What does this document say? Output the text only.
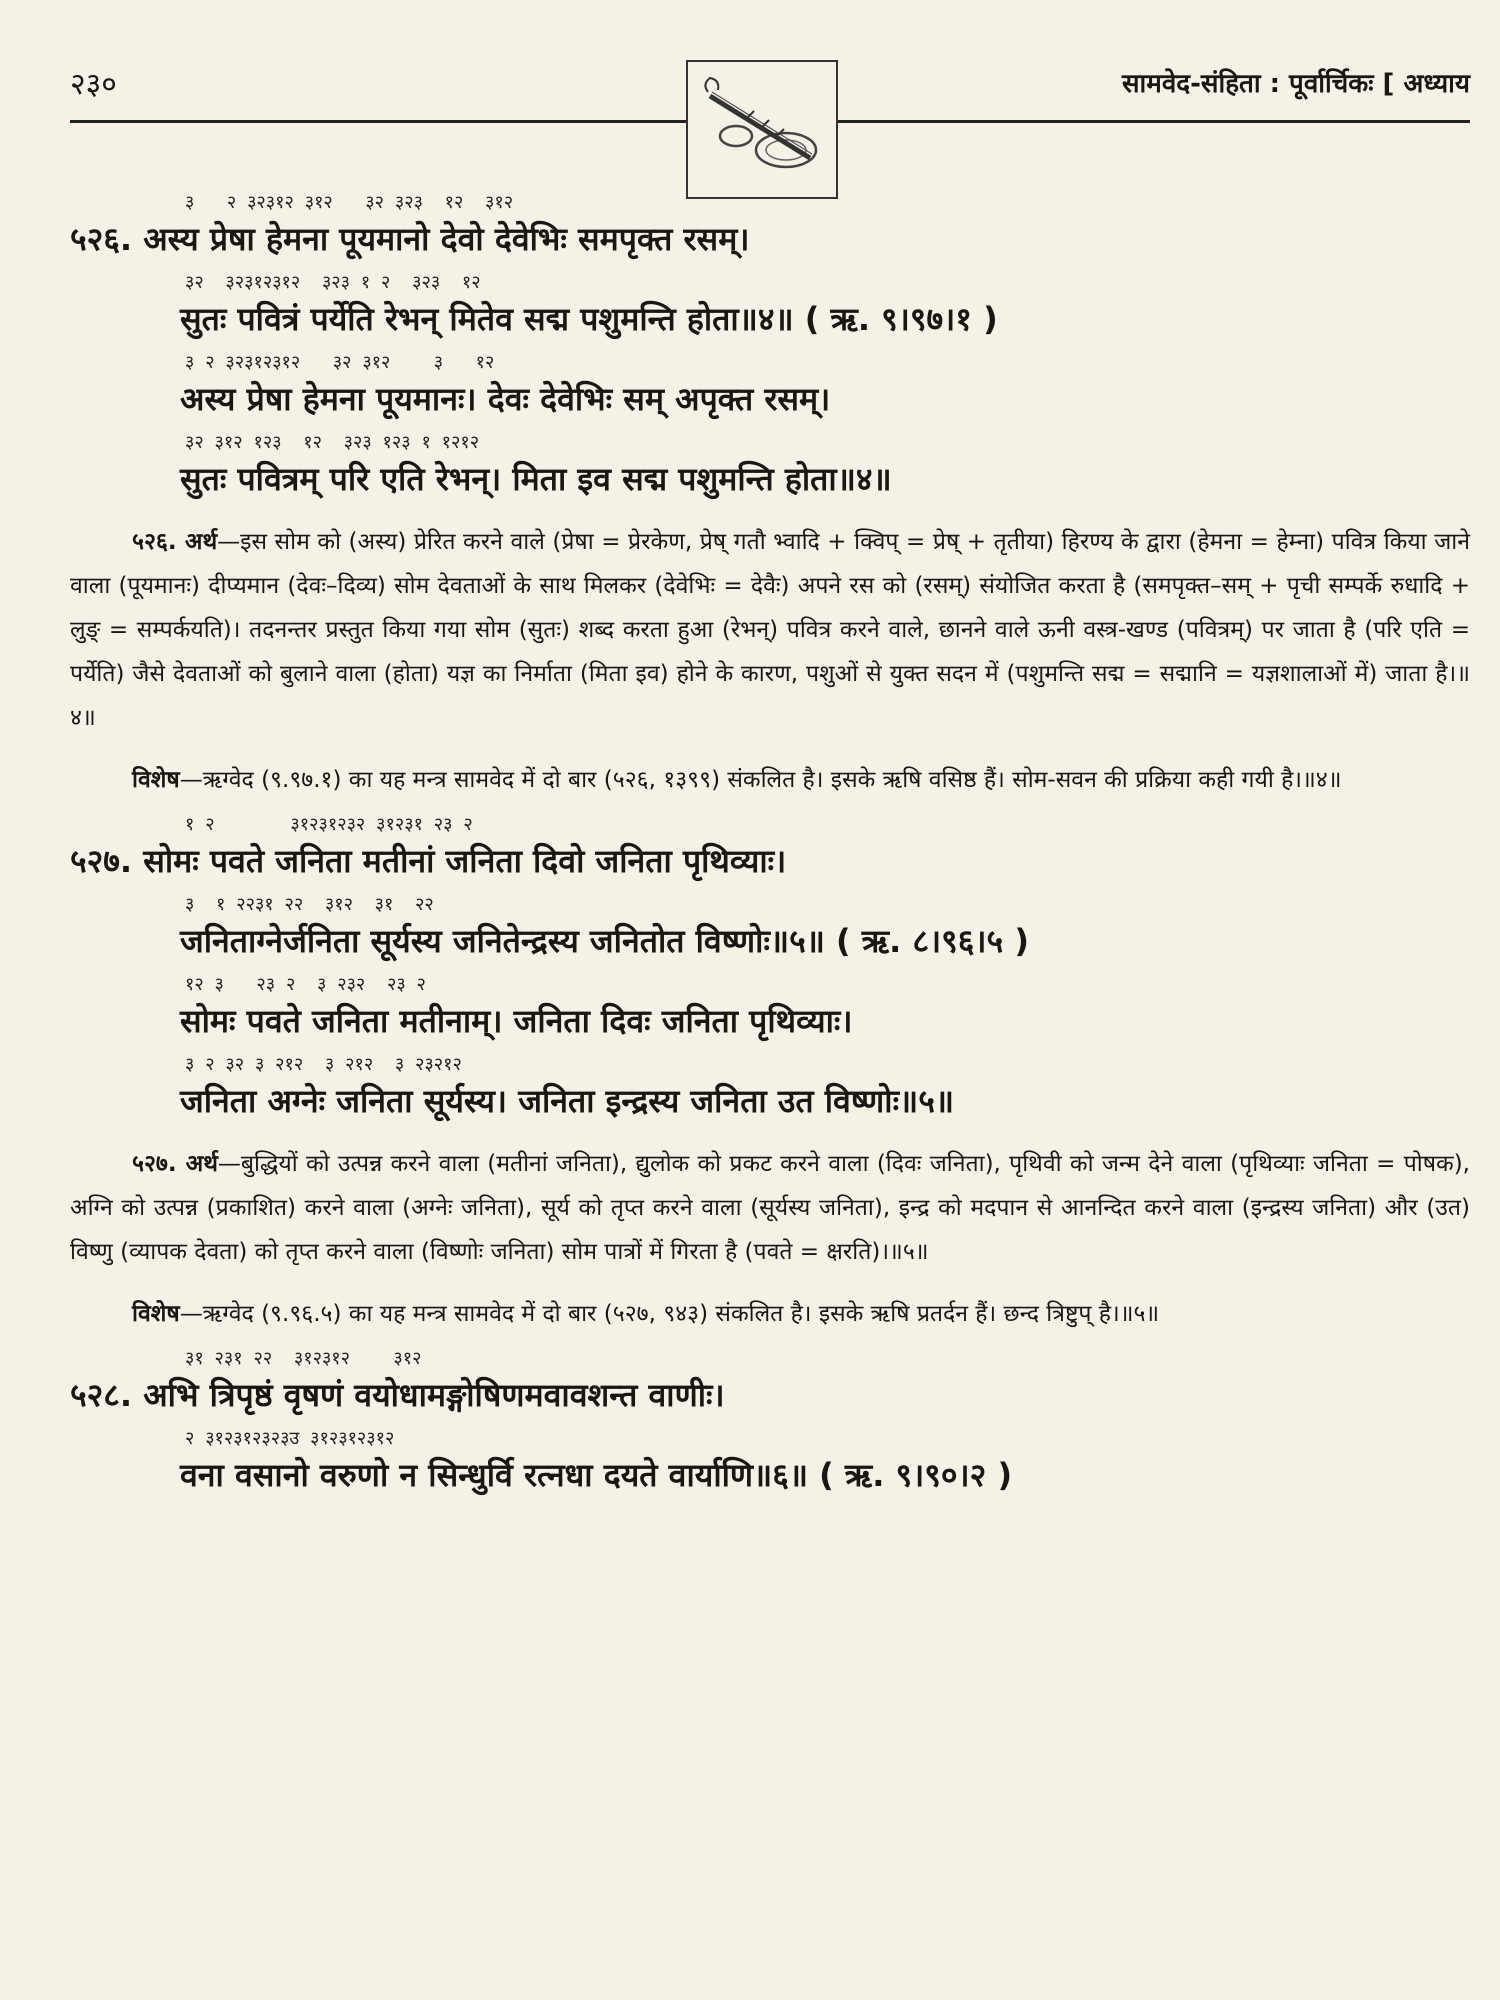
२३०	सामवेद-संहिता : पूर्वार्चिकः [ अध्याय

३   २ ३२३१२ ३१२   ३२ ३२३  १२  ३१२

५२६. अस्य प्रेषा हेमना पूयमानो देवो देवेभिः समपृक्त रसम्।

३२  ३२३१२३१२  ३२३ १ २  ३२३  १२

सुतः पवित्रं पर्येति रेभन् मितेव सद्म पशुमन्ति होता॥४॥ ( ऋ. ९।९७।१ )

३ २ ३२३१२३१२   ३२ ३१२    ३   १२

अस्य प्रेषा हेमना पूयमानः। देवः देवेभिः सम् अपृक्त रसम्।

३२ ३१२ १२३  १२  ३२३ १२३ १ १२१२

सुतः पवित्रम् परि एति रेभन्। मिता इव सद्म पशुमन्ति होता॥४॥

५२६. अर्थ—इस सोम को (अस्य) प्रेरित करने वाले (प्रेषा = प्रेरकेण, प्रेष् गतौ भ्वादि + क्विप् = प्रेष् + तृतीया) हिरण्य के द्वारा (हेमना = हेम्ना) पवित्र किया जाने वाला (पूयमानः) दीप्यमान (देवः–दिव्य) सोम देवताओं के साथ मिलकर (देवेभिः = देवैः) अपने रस को (रसम्) संयोजित करता है (समपृक्त–सम् + पृची सम्पर्के रुधादि + लुङ् = सम्पर्कयति)। तदनन्तर प्रस्तुत किया गया सोम (सुतः) शब्द करता हुआ (रेभन्) पवित्र करने वाले, छानने वाले ऊनी वस्त्र-खण्ड (पवित्रम्) पर जाता है (परि एति = पर्येति) जैसे देवताओं को बुलाने वाला (होता) यज्ञ का निर्माता (मिता इव) होने के कारण, पशुओं से युक्त सदन में (पशुमन्ति सद्म = सद्मानि = यज्ञशालाओं में) जाता है।॥४॥

विशेष—ऋग्वेद (९.९७.१) का यह मन्त्र सामवेद में दो बार (५२६, १३९९) संकलित है। इसके ऋषि वसिष्ठ हैं। सोम-सवन की प्रक्रिया कही गयी है।॥४॥

१ २       ३१२३१२३२ ३१२३१ २३ २

५२७. सोमः पवते जनिता मतीनां जनिता दिवो जनिता पृथिव्याः।

३  १ २२३१ २२  ३१२  ३१  २२

जनिताग्नेर्जनिता सूर्यस्य जनितेन्द्रस्य जनितोत विष्णोः॥५॥ ( ऋ. ८।९६।५ )

१२ ३   २३ २  ३ २३२  २३ २

सोमः पवते जनिता मतीनाम्। जनिता दिवः जनिता पृथिव्याः।

३ २ ३२ ३ २१२  ३ २१२  ३ २३२१२

जनिता अग्नेः जनिता सूर्यस्य। जनिता इन्द्रस्य जनिता उत विष्णोः॥५॥

५२७. अर्थ—बुद्धियों को उत्पन्न करने वाला (मतीनां जनिता), द्युलोक को प्रकट करने वाला (दिवः जनिता), पृथिवी को जन्म देने वाला (पृथिव्याः जनिता = पोषक), अग्नि को उत्पन्न (प्रकाशित) करने वाला (अग्नेः जनिता), सूर्य को तृप्त करने वाला (सूर्यस्य जनिता), इन्द्र को मदपान से आनन्दित करने वाला (इन्द्रस्य जनिता) और (उत) विष्णु (व्यापक देवता) को तृप्त करने वाला (विष्णोः जनिता) सोम पात्रों में गिरता है (पवते = क्षरति)।॥५॥

विशेष—ऋग्वेद (९.९६.५) का यह मन्त्र सामवेद में दो बार (५२७, ९४३) संकलित है। इसके ऋषि प्रतर्दन हैं। छन्द त्रिष्टुप् है।॥५॥

३१ २३१ २२  ३१२३१२    ३१२

५२८. अभि त्रिपृष्ठं वृषणं वयोधामङ्गोषिणमवावशन्त वाणीः।

२ ३१२३१२३२३उ ३१२३१२३१२

वना वसानो वरुणो न सिन्धुर्वि रत्नधा दयते वार्याणि॥६॥ ( ऋ. ९।९०।२ )
